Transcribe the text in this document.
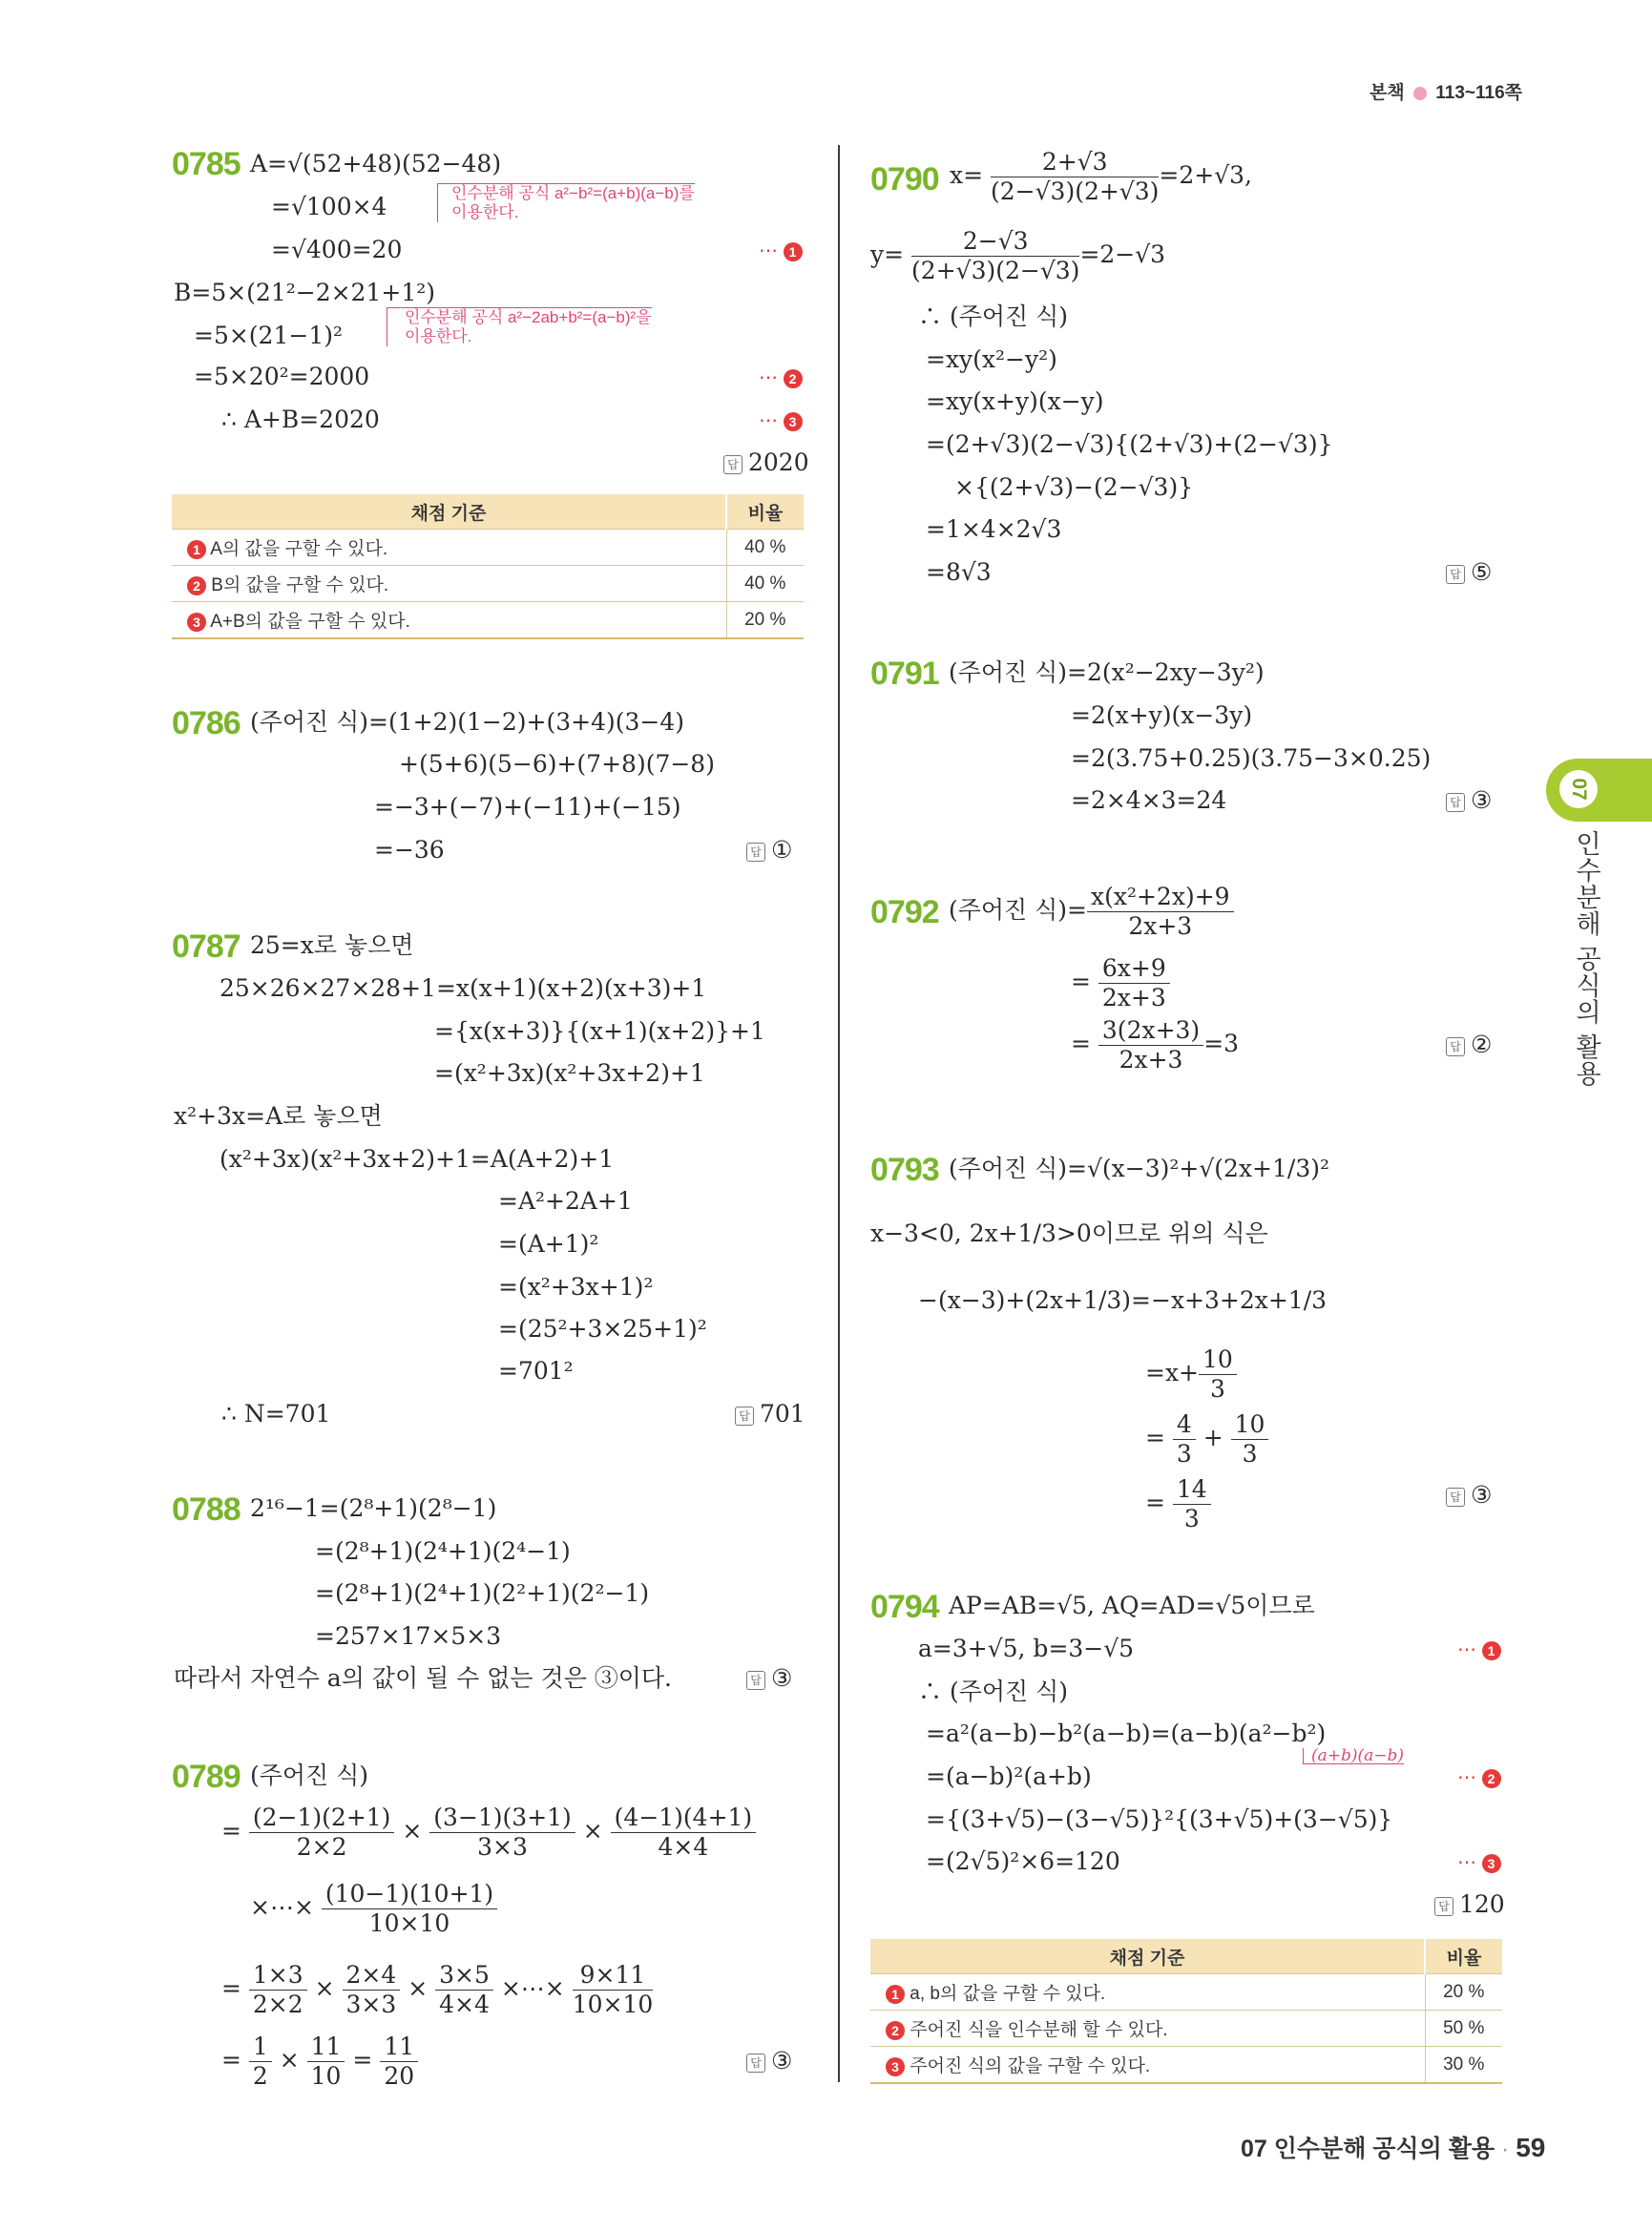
본책 113~116쪽
0785 A=√(52+48)(52−48)
인수분해 공식 a²−b²=(a+b)(a−b)를
이용한다.
=√100×4
=√400=20	⋯ 1
B=5×(21²−2×21+1²)
인수분해 공식 a²−2ab+b²=(a−b)²을
이용한다.
=5×(21−1)²
=5×20²=2000	⋯ 2
∴ A+B=2020	⋯ 3
답 2020
채점 기준	비율
1 A의 값을 구할 수 있다.	40 %
2 B의 값을 구할 수 있다.	40 %
3 A+B의 값을 구할 수 있다.	20 %
0786 (주어진 식)=(1+2)(1−2)+(3+4)(3−4)
+(5+6)(5−6)+(7+8)(7−8)
=−3+(−7)+(−11)+(−15)
=−36	답 ①
0787 25=x로 놓으면
25×26×27×28+1=x(x+1)(x+2)(x+3)+1
={x(x+3)}{(x+1)(x+2)}+1
=(x²+3x)(x²+3x+2)+1
x²+3x=A로 놓으면
(x²+3x)(x²+3x+2)+1=A(A+2)+1
=A²+2A+1
=(A+1)²
=(x²+3x+1)²
=(25²+3×25+1)²
=701²
∴ N=701	답 701
0788 2¹⁶−1=(2⁸+1)(2⁸−1)
=(2⁸+1)(2⁴+1)(2⁴−1)
=(2⁸+1)(2⁴+1)(2²+1)(2²−1)
=257×17×5×3
따라서 자연수 a의 값이 될 수 없는 것은 ③이다.	답 ③
0789 (주어진 식)
= $\frac{(2-1)(2+1)}{2\times 2} \times \frac{(3-1)(3+1)}{3\times 3} \times \frac{(4-1)(4+1)}{4\times 4}$
×⋯× $\frac{(10-1)(10+1)}{10\times 10}$
= $\frac{1\times 3}{2\times 2} \times \frac{2\times 4}{3\times 3} \times \frac{3\times 5}{4\times 4}$ ×⋯× $\frac{9\times 11}{10\times 10}$
= $\frac{1}{2} \times \frac{11}{10} = \frac{11}{20}$	답 ③
0790 $x= \frac{2+√3}{(2-√3)(2+√3)} =2+√3$,
$y= \frac{2-√3}{(2+√3)(2-√3)} =2-√3$
∴ (주어진 식)
=xy(x²−y²)
=xy(x+y)(x−y)
=(2+√3)(2−√3){(2+√3)+(2−√3)}
×{(2+√3)−(2−√3)}
=1×4×2√3
=8√3	답 ⑤
0791 (주어진 식)=2(x²−2xy−3y²)
=2(x+y)(x−3y)
=2(3.75+0.25)(3.75−3×0.25)
=2×4×3=24	답 ③
0792 (주어진 식)= $\frac{\text{x(x²+2x)+9}}{2x+3}$
= $\frac{6x+9}{2x+3}$
= $\frac{3(2x+3)}{2x+3} =3$	답 ②
0793 (주어진 식)=√(x−3)²+√(2x+1/3)²
x−3<0, 2x+1/3>0이므로 위의 식은
−(x−3)+(2x+1/3)=−x+3+2x+1/3
$=x+ \frac{10}{3}$
= $\frac{4}{3} + \frac{10}{3}$
= $\frac{14}{3}$	답 ③
0794 AP=AB=√5, AQ=AD=√5이므로
a=3+√5, b=3−√5	⋯ 1
∴ (주어진 식)
=a²(a−b)−b²(a−b)=(a−b)(a²−b²)
(a+b)(a−b)
=(a−b)²(a+b)	⋯ 2
={(3+√5)−(3−√5)}²{(3+√5)+(3−√5)}
=(2√5)²×6=120	⋯ 3
답 120
채점 기준	비율
1 a, b의 값을 구할 수 있다.	20 %
2 주어진 식을 인수분해 할 수 있다.	50 %
3 주어진 식의 값을 구할 수 있다.	30 %
07
인수분해 공식의 활용
07 인수분해 공식의 활용 · 59
